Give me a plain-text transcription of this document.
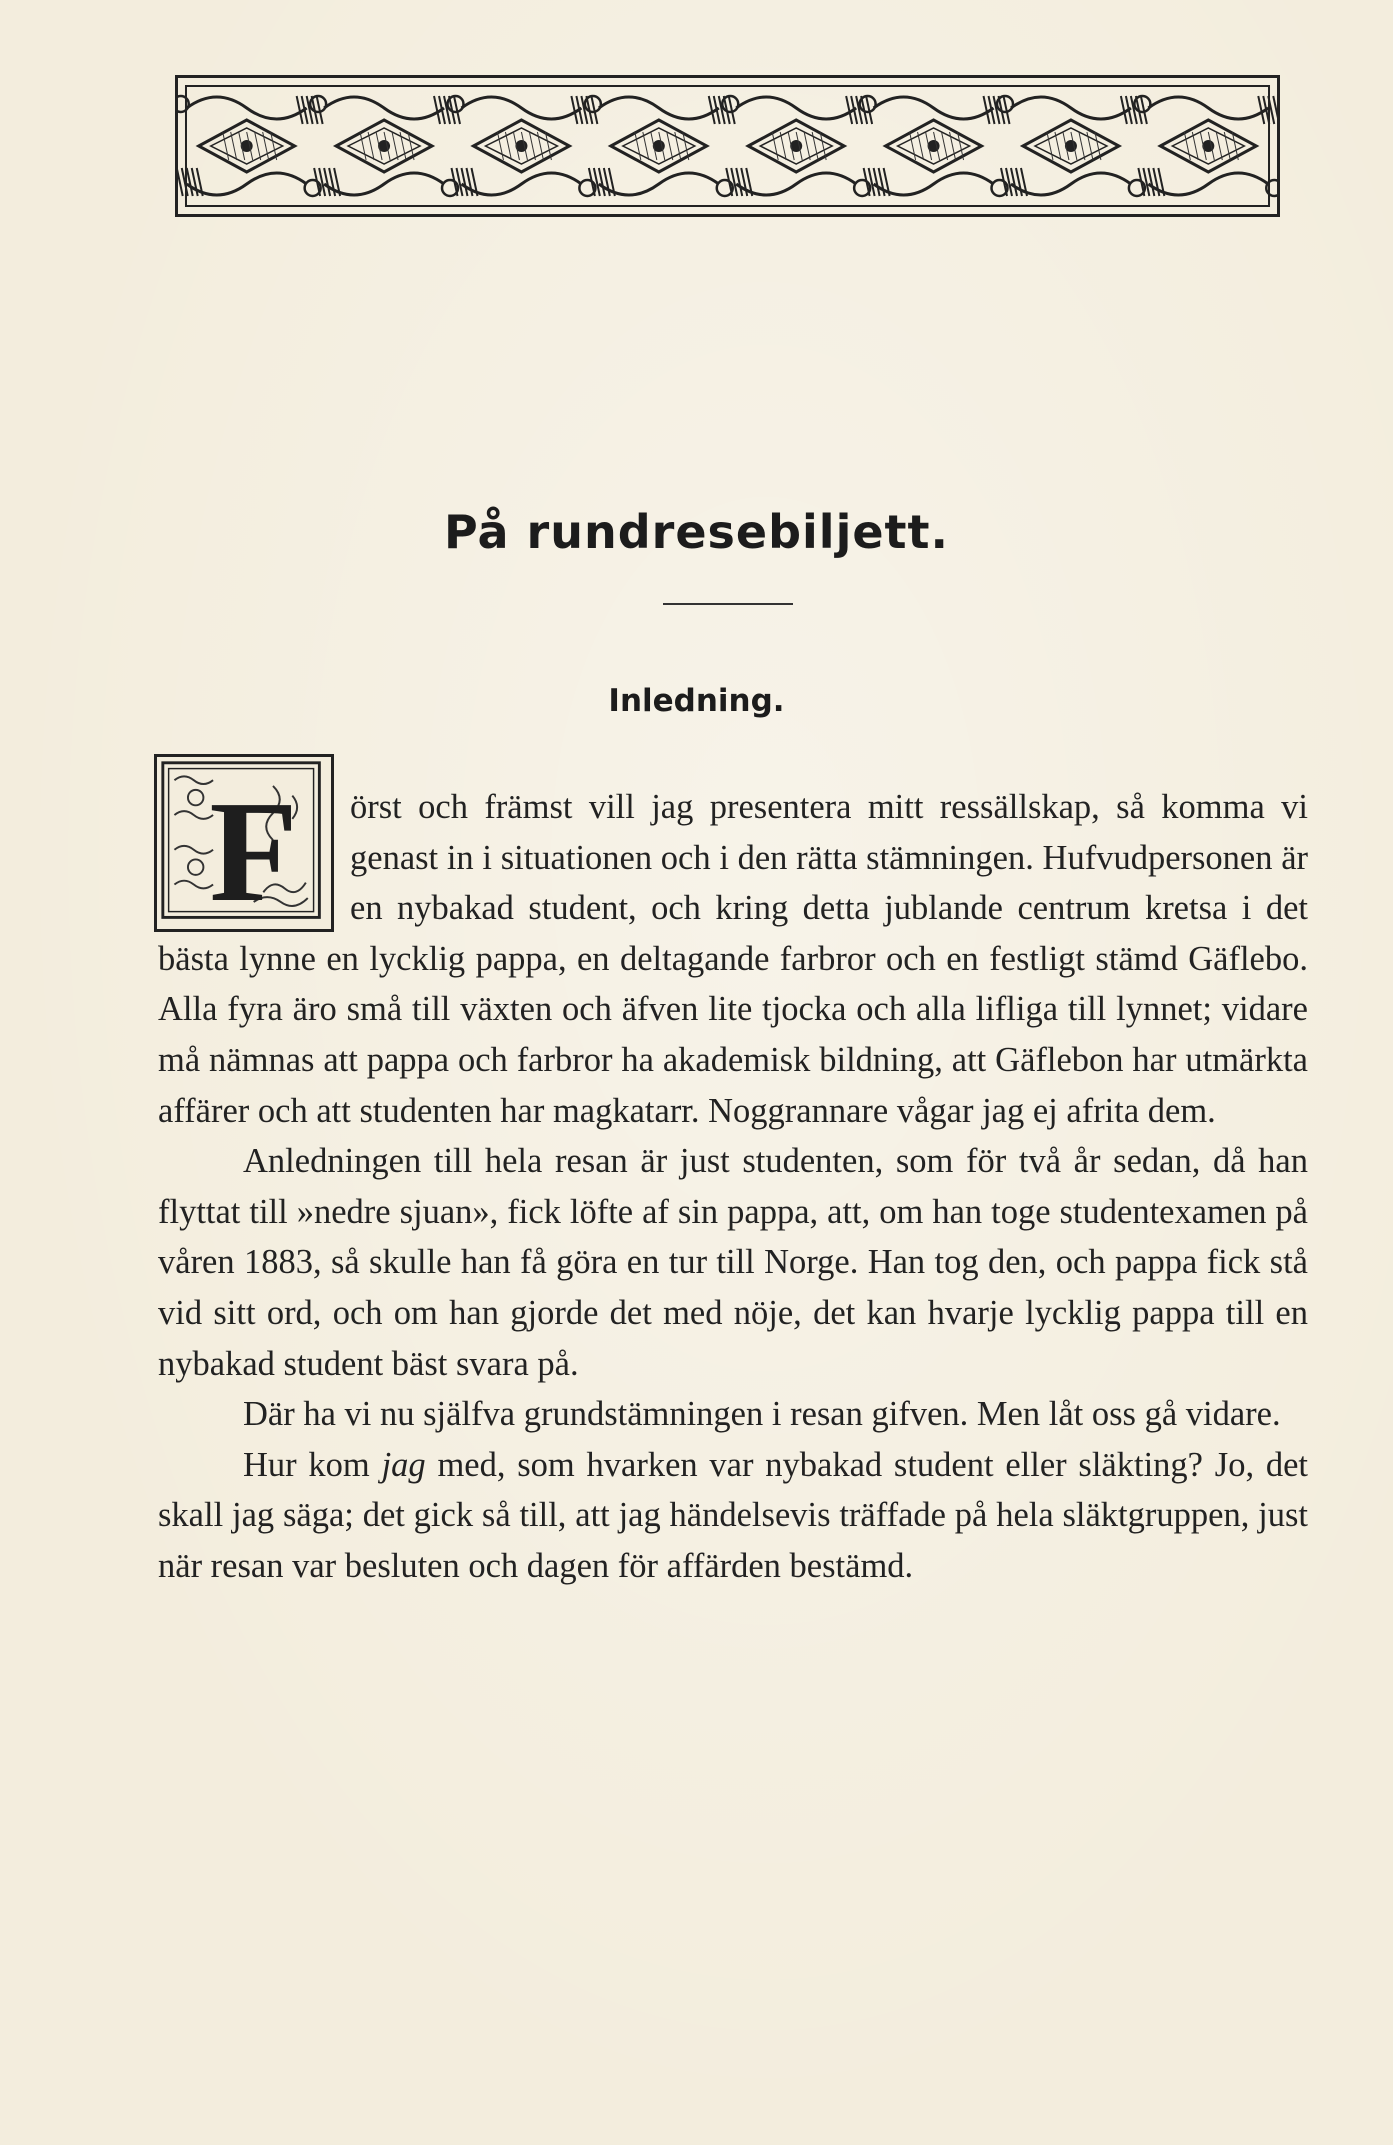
På rundresebiljett.
Inledning.
F	örst och främst vill jag presentera mitt ressällskap, så komma vi genast in i situationen och i den rätta stämningen. Hufvudpersonen är en nybakad student, och kring detta jublande centrum kretsa i det bästa lynne en lycklig pappa, en deltagande farbror och en festligt stämd Gäflebo. Alla fyra äro små till växten och äfven lite tjocka och alla lifliga till lynnet; vidare må nämnas att pappa och farbror ha akademisk bildning, att Gäflebon har utmärkta affärer och att studenten har magkatarr. Noggrannare vågar jag ej afrita dem.

Anledningen till hela resan är just studenten, som för två år sedan, då han flyttat till »nedre sjuan», fick löfte af sin pappa, att, om han toge studentexamen på våren 1883, så skulle han få göra en tur till Norge. Han tog den, och pappa fick stå vid sitt ord, och om han gjorde det med nöje, det kan hvarje lycklig pappa till en nybakad student bäst svara på.

Där ha vi nu själfva grundstämningen i resan gifven. Men låt oss gå vidare.

Hur kom jag med, som hvarken var nybakad student eller släkting? Jo, det skall jag säga; det gick så till, att jag händelsevis träffade på hela släktgruppen, just när resan var besluten och dagen för affärden bestämd.
